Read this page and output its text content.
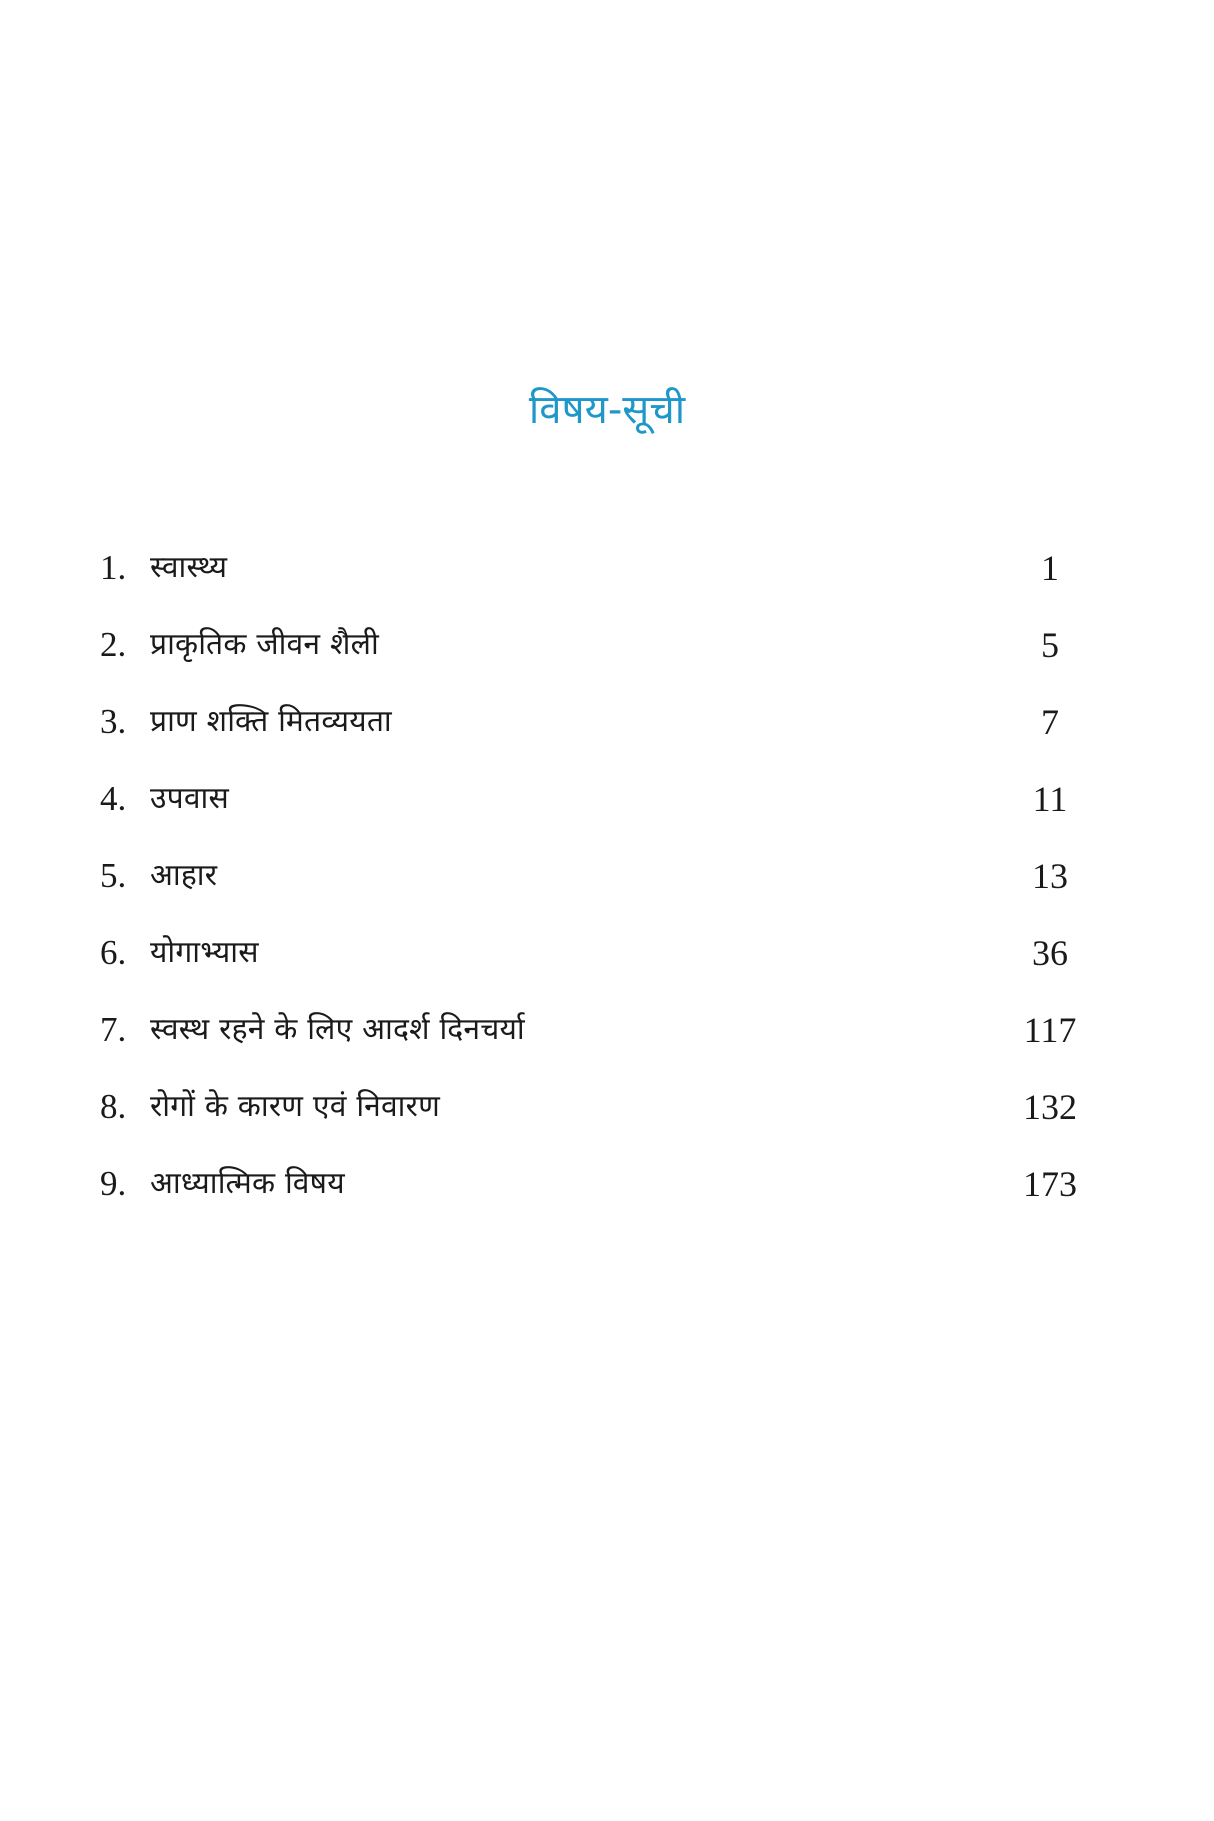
विषय-सूची
1. स्वास्थ्य	1
2. प्राकृतिक जीवन शैली	5
3. प्राण शक्ति मितव्ययता	7
4. उपवास	11
5. आहार	13
6. योगाभ्यास	36
7. स्वस्थ रहने के लिए आदर्श दिनचर्या	117
8. रोगों के कारण एवं निवारण	132
9. आध्यात्मिक विषय	173
